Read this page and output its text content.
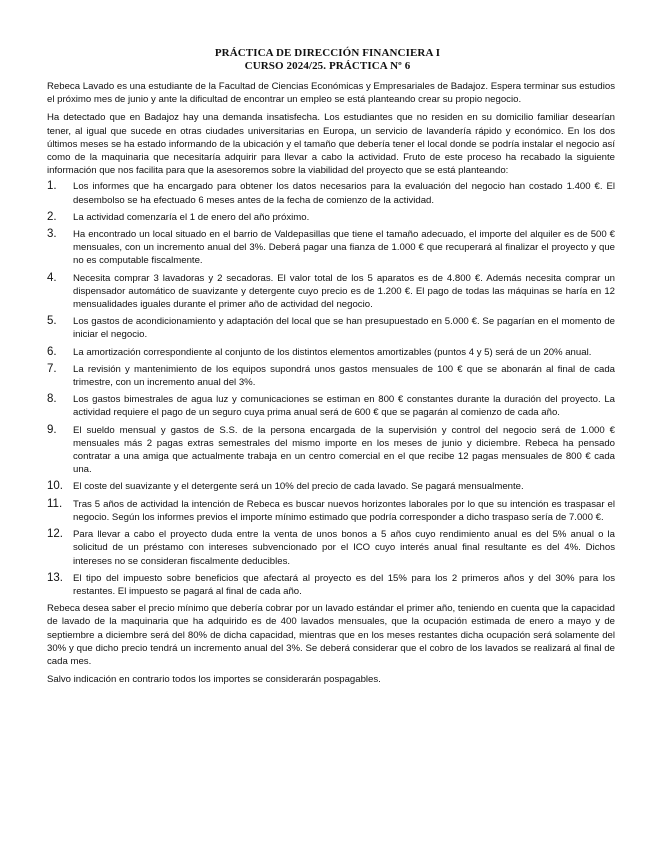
PRÁCTICA DE DIRECCIÓN FINANCIERA I
CURSO 2024/25. PRÁCTICA Nº 6

Rebeca Lavado es una estudiante de la Facultad de Ciencias Económicas y Empresariales de Badajoz. Espera terminar sus estudios el próximo mes de junio y ante la dificultad de encontrar un empleo se está planteando crear su propio negocio.

Ha detectado que en Badajoz hay una demanda insatisfecha. Los estudiantes que no residen en su domicilio familiar desearían tener, al igual que sucede en otras ciudades universitarias en Europa, un servicio de lavandería rápido y económico. En los dos últimos meses se ha estado informando de la ubicación y el tamaño que debería tener el local donde se podría instalar el negocio así como de la maquinaria que necesitaría adquirir para llevar a cabo la actividad. Fruto de este proceso ha recabado la siguiente información que nos facilita para que la asesoremos sobre la viabilidad del proyecto que se está planteando:

1.	Los informes que ha encargado para obtener los datos necesarios para la evaluación del negocio han costado 1.400 €. El desembolso se ha efectuado 6 meses antes de la fecha de comienzo de la actividad.
2.	La actividad comenzaría el 1 de enero del año próximo.
3.	Ha encontrado un local situado en el barrio de Valdepasillas que tiene el tamaño adecuado, el importe del alquiler es de 500 € mensuales, con un incremento anual del 3%. Deberá pagar una fianza de 1.000 € que recuperará al finalizar el proyecto y que no es computable fiscalmente.
4.	Necesita comprar 3 lavadoras y 2 secadoras. El valor total de los 5 aparatos es de 4.800 €. Además necesita comprar un dispensador automático de suavizante y detergente cuyo precio es de 1.200 €. El pago de todas las máquinas se haría en 12 mensualidades iguales durante el primer año de actividad del negocio.
5.	Los gastos de acondicionamiento y adaptación del local que se han presupuestado en 5.000 €. Se pagarían en el momento de iniciar el negocio.
6.	La amortización correspondiente al conjunto de los distintos elementos amortizables (puntos 4 y 5) será de un 20% anual.
7.	La revisión y mantenimiento de los equipos supondrá unos gastos mensuales de 100 € que se abonarán al final de cada trimestre, con un incremento anual del 3%.
8.	Los gastos bimestrales de agua luz y comunicaciones se estiman en 800 € constantes durante la duración del proyecto. La actividad requiere el pago de un seguro cuya prima anual será de 600 € que se pagarán al comienzo de cada año.
9.	El sueldo mensual y gastos de S.S. de la persona encargada de la supervisión y control del negocio será de 1.000 € mensuales más 2 pagas extras semestrales del mismo importe en los meses de junio y diciembre. Rebeca ha pensado contratar a una amiga que actualmente trabaja en un centro comercial en el que recibe 12 pagas mensuales de 800 € cada una.
10.	El coste del suavizante y el detergente será un 10% del precio de cada lavado. Se pagará mensualmente.
11.	Tras 5 años de actividad la intención de Rebeca es buscar nuevos horizontes laborales por lo que su intención es traspasar el negocio. Según los informes previos el importe mínimo estimado que podría corresponder a dicho traspaso sería de 7.000 €.
12.	Para llevar a cabo el proyecto duda entre la venta de unos bonos a 5 años cuyo rendimiento anual es del 5% anual o la solicitud de un préstamo con intereses subvencionado por el ICO cuyo interés anual final resultante es del 4%. Dichos intereses no se consideran fiscalmente deducibles.
13.	El tipo del impuesto sobre beneficios que afectará al proyecto es del 15% para los 2 primeros años y del 30% para los restantes. El impuesto se pagará al final de cada año.

Rebeca desea saber el precio mínimo que debería cobrar por un lavado estándar el primer año, teniendo en cuenta que la capacidad de lavado de la maquinaria que ha adquirido es de 400 lavados mensuales, que la ocupación estimada de enero a mayo y de septiembre a diciembre será del 80% de dicha capacidad, mientras que en los meses restantes dicha ocupación será solamente del 30% y que dicho precio tendrá un incremento anual del 3%. Se deberá considerar que el cobro de los lavados se realizará al final de cada mes.

Salvo indicación en contrario todos los importes se considerarán pospagables.
